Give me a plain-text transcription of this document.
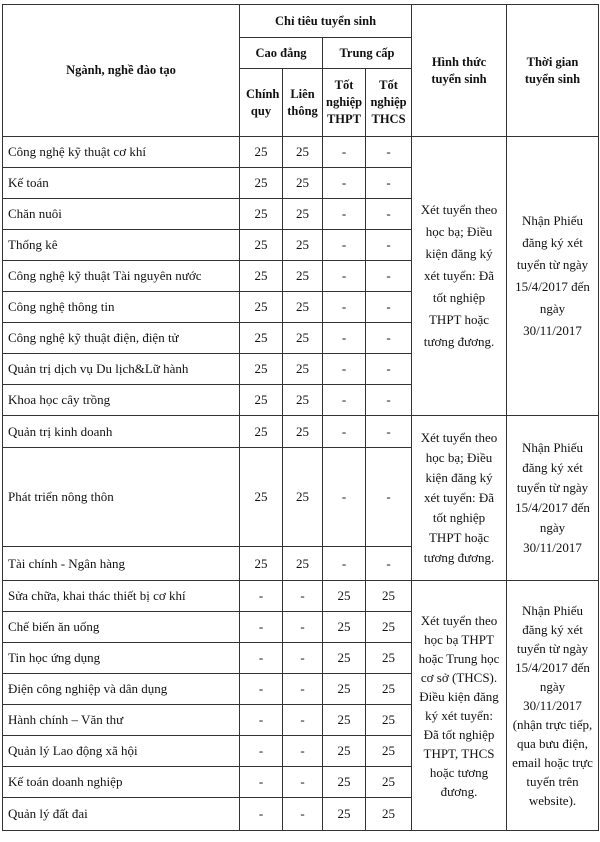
Ngành, nghề đào tạo	Chỉ tiêu tuyển sinh				Hình thức tuyển sinh	Thời gian tuyển sinh
	Cao đẳng		Trung cấp			
	Chính quy	Liên thông	Tốt nghiệp THPT	Tốt nghiệp THCS		
Công nghệ kỹ thuật cơ khí	25	25	-	-	Xét tuyển theo học bạ; Điều kiện đăng ký xét tuyển: Đã tốt nghiệp THPT hoặc tương đương.	Nhận Phiếu đăng ký xét tuyển từ ngày 15/4/2017 đến ngày 30/11/2017
Kế toán	25	25	-	-		
Chăn nuôi	25	25	-	-		
Thống kê	25	25	-	-		
Công nghệ kỹ thuật Tài nguyên nước	25	25	-	-		
Công nghệ thông tin	25	25	-	-		
Công nghệ kỹ thuật điện, điện tử	25	25	-	-		
Quản trị dịch vụ Du lịch&Lữ hành	25	25	-	-		
Khoa học cây trồng	25	25	-	-		
Quản trị kinh doanh	25	25	-	-	Xét tuyển theo học bạ; Điều kiện đăng ký xét tuyển: Đã tốt nghiệp THPT hoặc tương đương.	Nhận Phiếu đăng ký xét tuyển từ ngày 15/4/2017 đến ngày 30/11/2017
Phát triển nông thôn	25	25	-	-		
Tài chính - Ngân hàng	25	25	-	-		
Sửa chữa, khai thác thiết bị cơ khí	-	-	25	25	Xét tuyển theo học bạ THPT hoặc Trung học cơ sở (THCS). Điều kiện đăng ký xét tuyển: Đã tốt nghiệp THPT, THCS hoặc tương đương.	Nhận Phiếu đăng ký xét tuyển từ ngày 15/4/2017 đến ngày 30/11/2017 (nhận trực tiếp, qua bưu điện, email hoặc trực tuyến trên website).
Chế biến ăn uống	-	-	25	25		
Tin học ứng dụng	-	-	25	25		
Điện công nghiệp và dân dụng	-	-	25	25		
Hành chính – Văn thư	-	-	25	25		
Quản lý Lao động xã hội	-	-	25	25		
Kế toán doanh nghiệp	-	-	25	25		
Quản lý đất đai	-	-	25	25		
